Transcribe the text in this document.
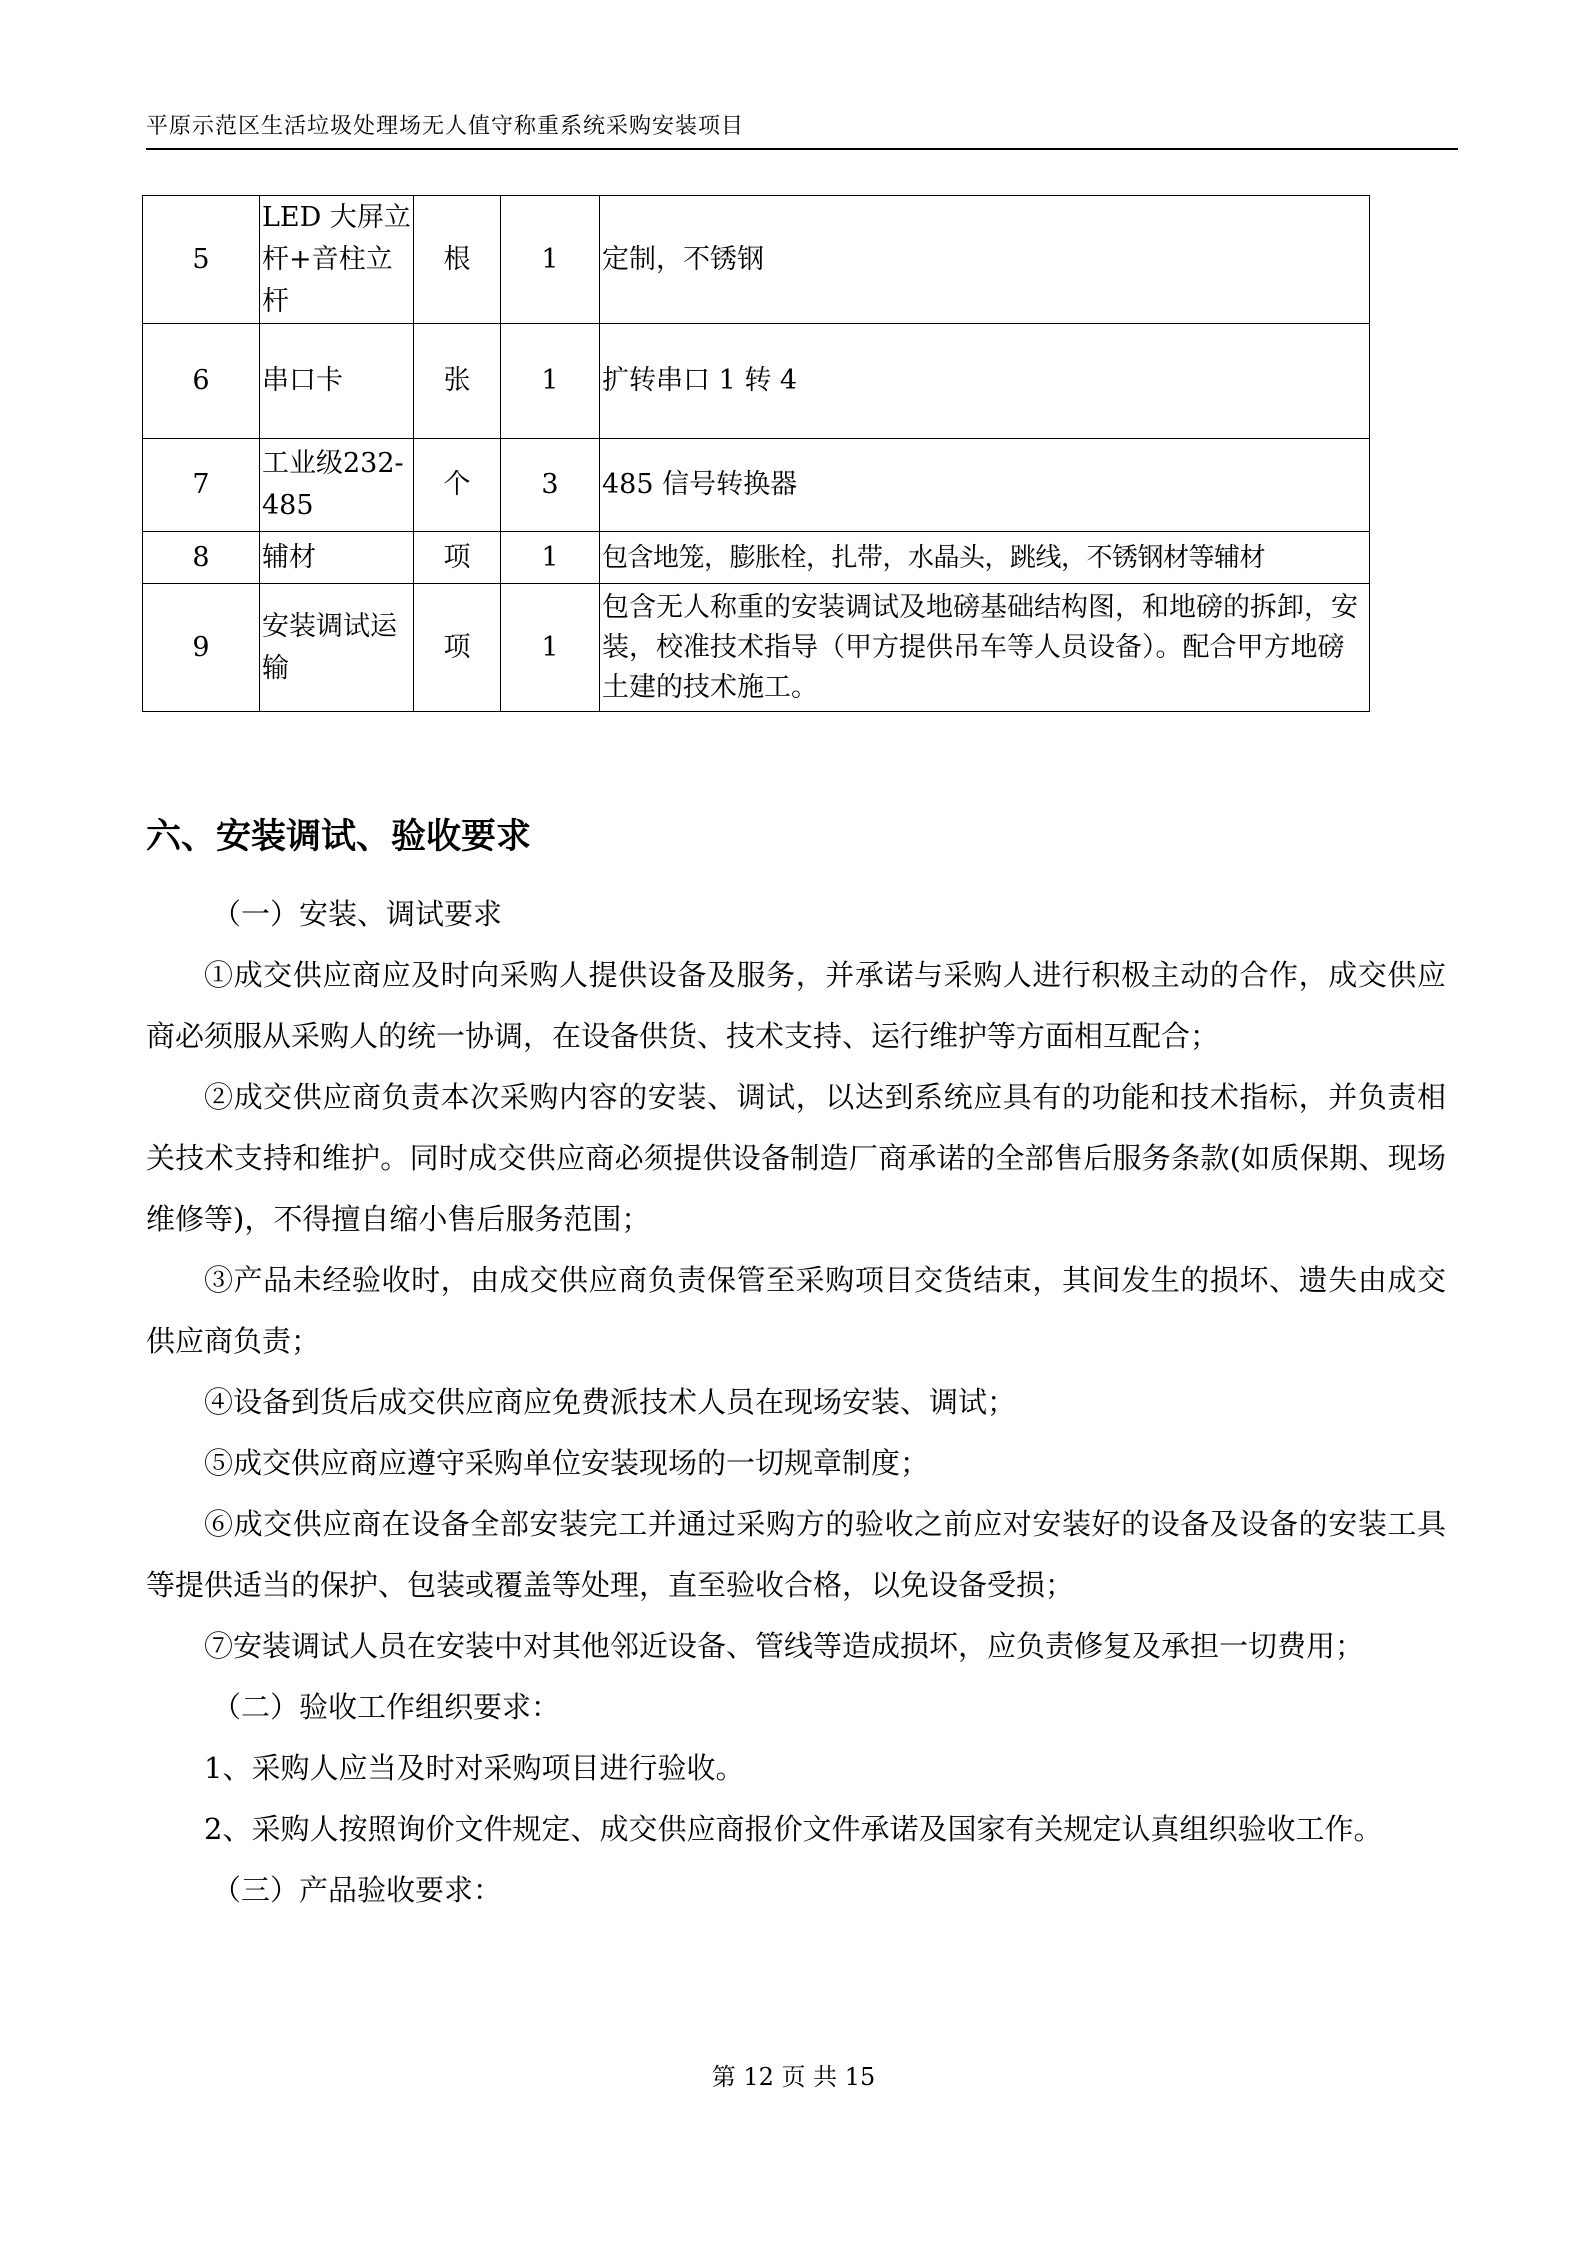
平原示范区生活垃圾处理场无人值守称重系统采购安装项目
5	LED 大屏立杆+音柱立杆	根	1	定制，不锈钢
6	串口卡	张	1	扩转串口 1 转 4
7	工业级232-485	个	3	485 信号转换器
8	辅材	项	1	包含地笼，膨胀栓，扎带，水晶头，跳线，不锈钢材等辅材
9	安装调试运输	项	1	包含无人称重的安装调试及地磅基础结构图，和地磅的拆卸，安装，校准技术指导（甲方提供吊车等人员设备）。配合甲方地磅土建的技术施工。
六、安装调试、验收要求

（一）安装、调试要求

①成交供应商应及时向采购人提供设备及服务，并承诺与采购人进行积极主动的合作，成交供应商必须服从采购人的统一协调，在设备供货、技术支持、运行维护等方面相互配合；

②成交供应商负责本次采购内容的安装、调试，以达到系统应具有的功能和技术指标，并负责相关技术支持和维护。同时成交供应商必须提供设备制造厂商承诺的全部售后服务条款(如质保期、现场维修等)，不得擅自缩小售后服务范围；

③产品未经验收时，由成交供应商负责保管至采购项目交货结束，其间发生的损坏、遗失由成交供应商负责；

④设备到货后成交供应商应免费派技术人员在现场安装、调试；

⑤成交供应商应遵守采购单位安装现场的一切规章制度；

⑥成交供应商在设备全部安装完工并通过采购方的验收之前应对安装好的设备及设备的安装工具等提供适当的保护、包装或覆盖等处理，直至验收合格，以免设备受损；

⑦安装调试人员在安装中对其他邻近设备、管线等造成损坏，应负责修复及承担一切费用；

（二）验收工作组织要求：

1、采购人应当及时对采购项目进行验收。

2、采购人按照询价文件规定、成交供应商报价文件承诺及国家有关规定认真组织验收工作。

（三）产品验收要求：

第 12 页 共 15
